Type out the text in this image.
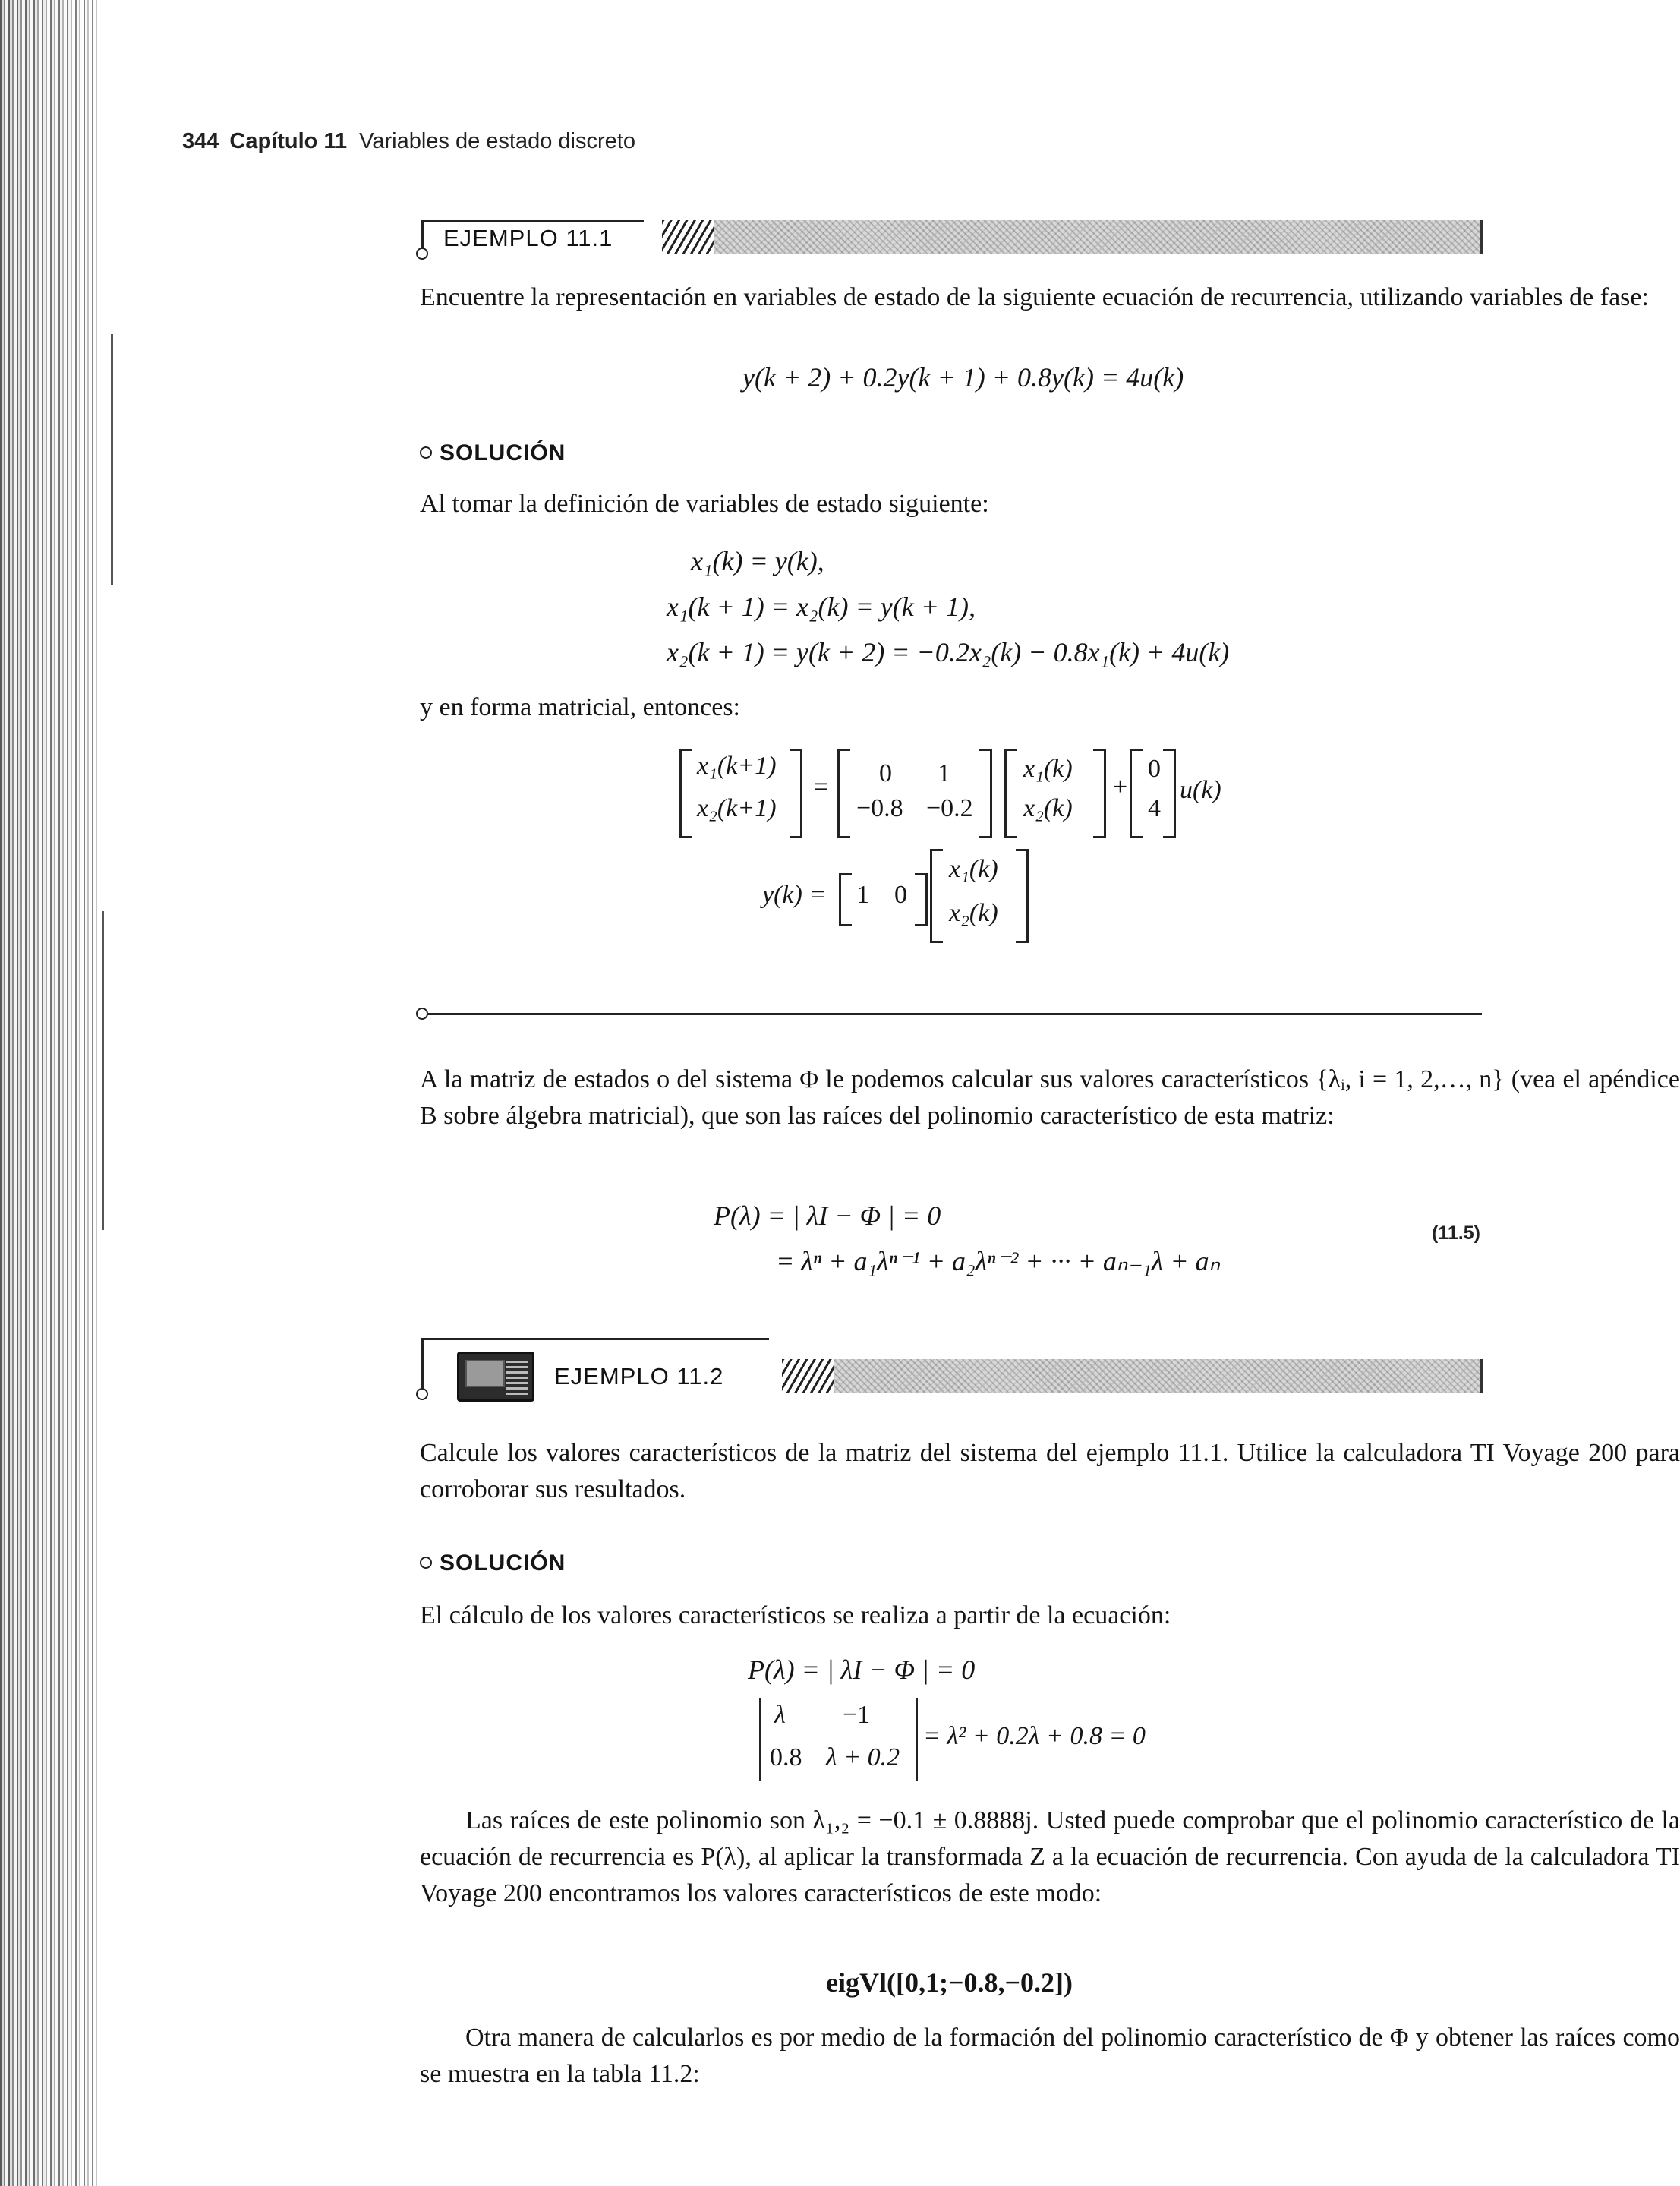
344 Capítulo 11 Variables de estado discreto
EJEMPLO 11.1
Encuentre la representación en variables de estado de la siguiente ecuación de recurrencia, utilizando variables de fase:
y(k + 2) + 0.2y(k + 1) + 0.8y(k) = 4u(k)
SOLUCIÓN
Al tomar la definición de variables de estado siguiente:
x₁(k) = y(k),
x₁(k + 1) = x₂(k) = y(k + 1),
x₂(k + 1) = y(k + 2) = −0.2x₂(k) − 0.8x₁(k) + 4u(k)
y en forma matricial, entonces:
x₁(k+1)
x₂(k+1)
= 0 1
−0.8 −0.2
x₁(k)
x₂(k)
+
0
4
u(k)
y(k) = 1 0
x₁(k)
x₂(k)
A la matriz de estados o del sistema Φ le podemos calcular sus valores característicos {λᵢ, i = 1, 2,…, n} (vea el apéndice B sobre álgebra matricial), que son las raíces del polinomio característico de esta matriz:
P(λ) = | λI − Φ | = 0
= λⁿ + a₁λⁿ⁻¹ + a₂λⁿ⁻² + ··· + aₙ₋₁λ + aₙ
(11.5)
EJEMPLO 11.2
Calcule los valores característicos de la matriz del sistema del ejemplo 11.1. Utilice la calculadora TI Voyage 200 para corroborar sus resultados.
SOLUCIÓN
El cálculo de los valores característicos se realiza a partir de la ecuación:
P(λ) = | λI − Φ | = 0
λ −1
0.8 λ + 0.2
= λ² + 0.2λ + 0.8 = 0
Las raíces de este polinomio son λ₁,₂ = −0.1 ± 0.8888j. Usted puede comprobar que el polinomio característico de la ecuación de recurrencia es P(λ), al aplicar la transformada Z a la ecuación de recurrencia. Con ayuda de la calculadora TI Voyage 200 encontramos los valores característicos de este modo:
eigVl([0,1;−0.8,−0.2])
Otra manera de calcularlos es por medio de la formación del polinomio característico de Φ y obtener las raíces como se muestra en la tabla 11.2:
